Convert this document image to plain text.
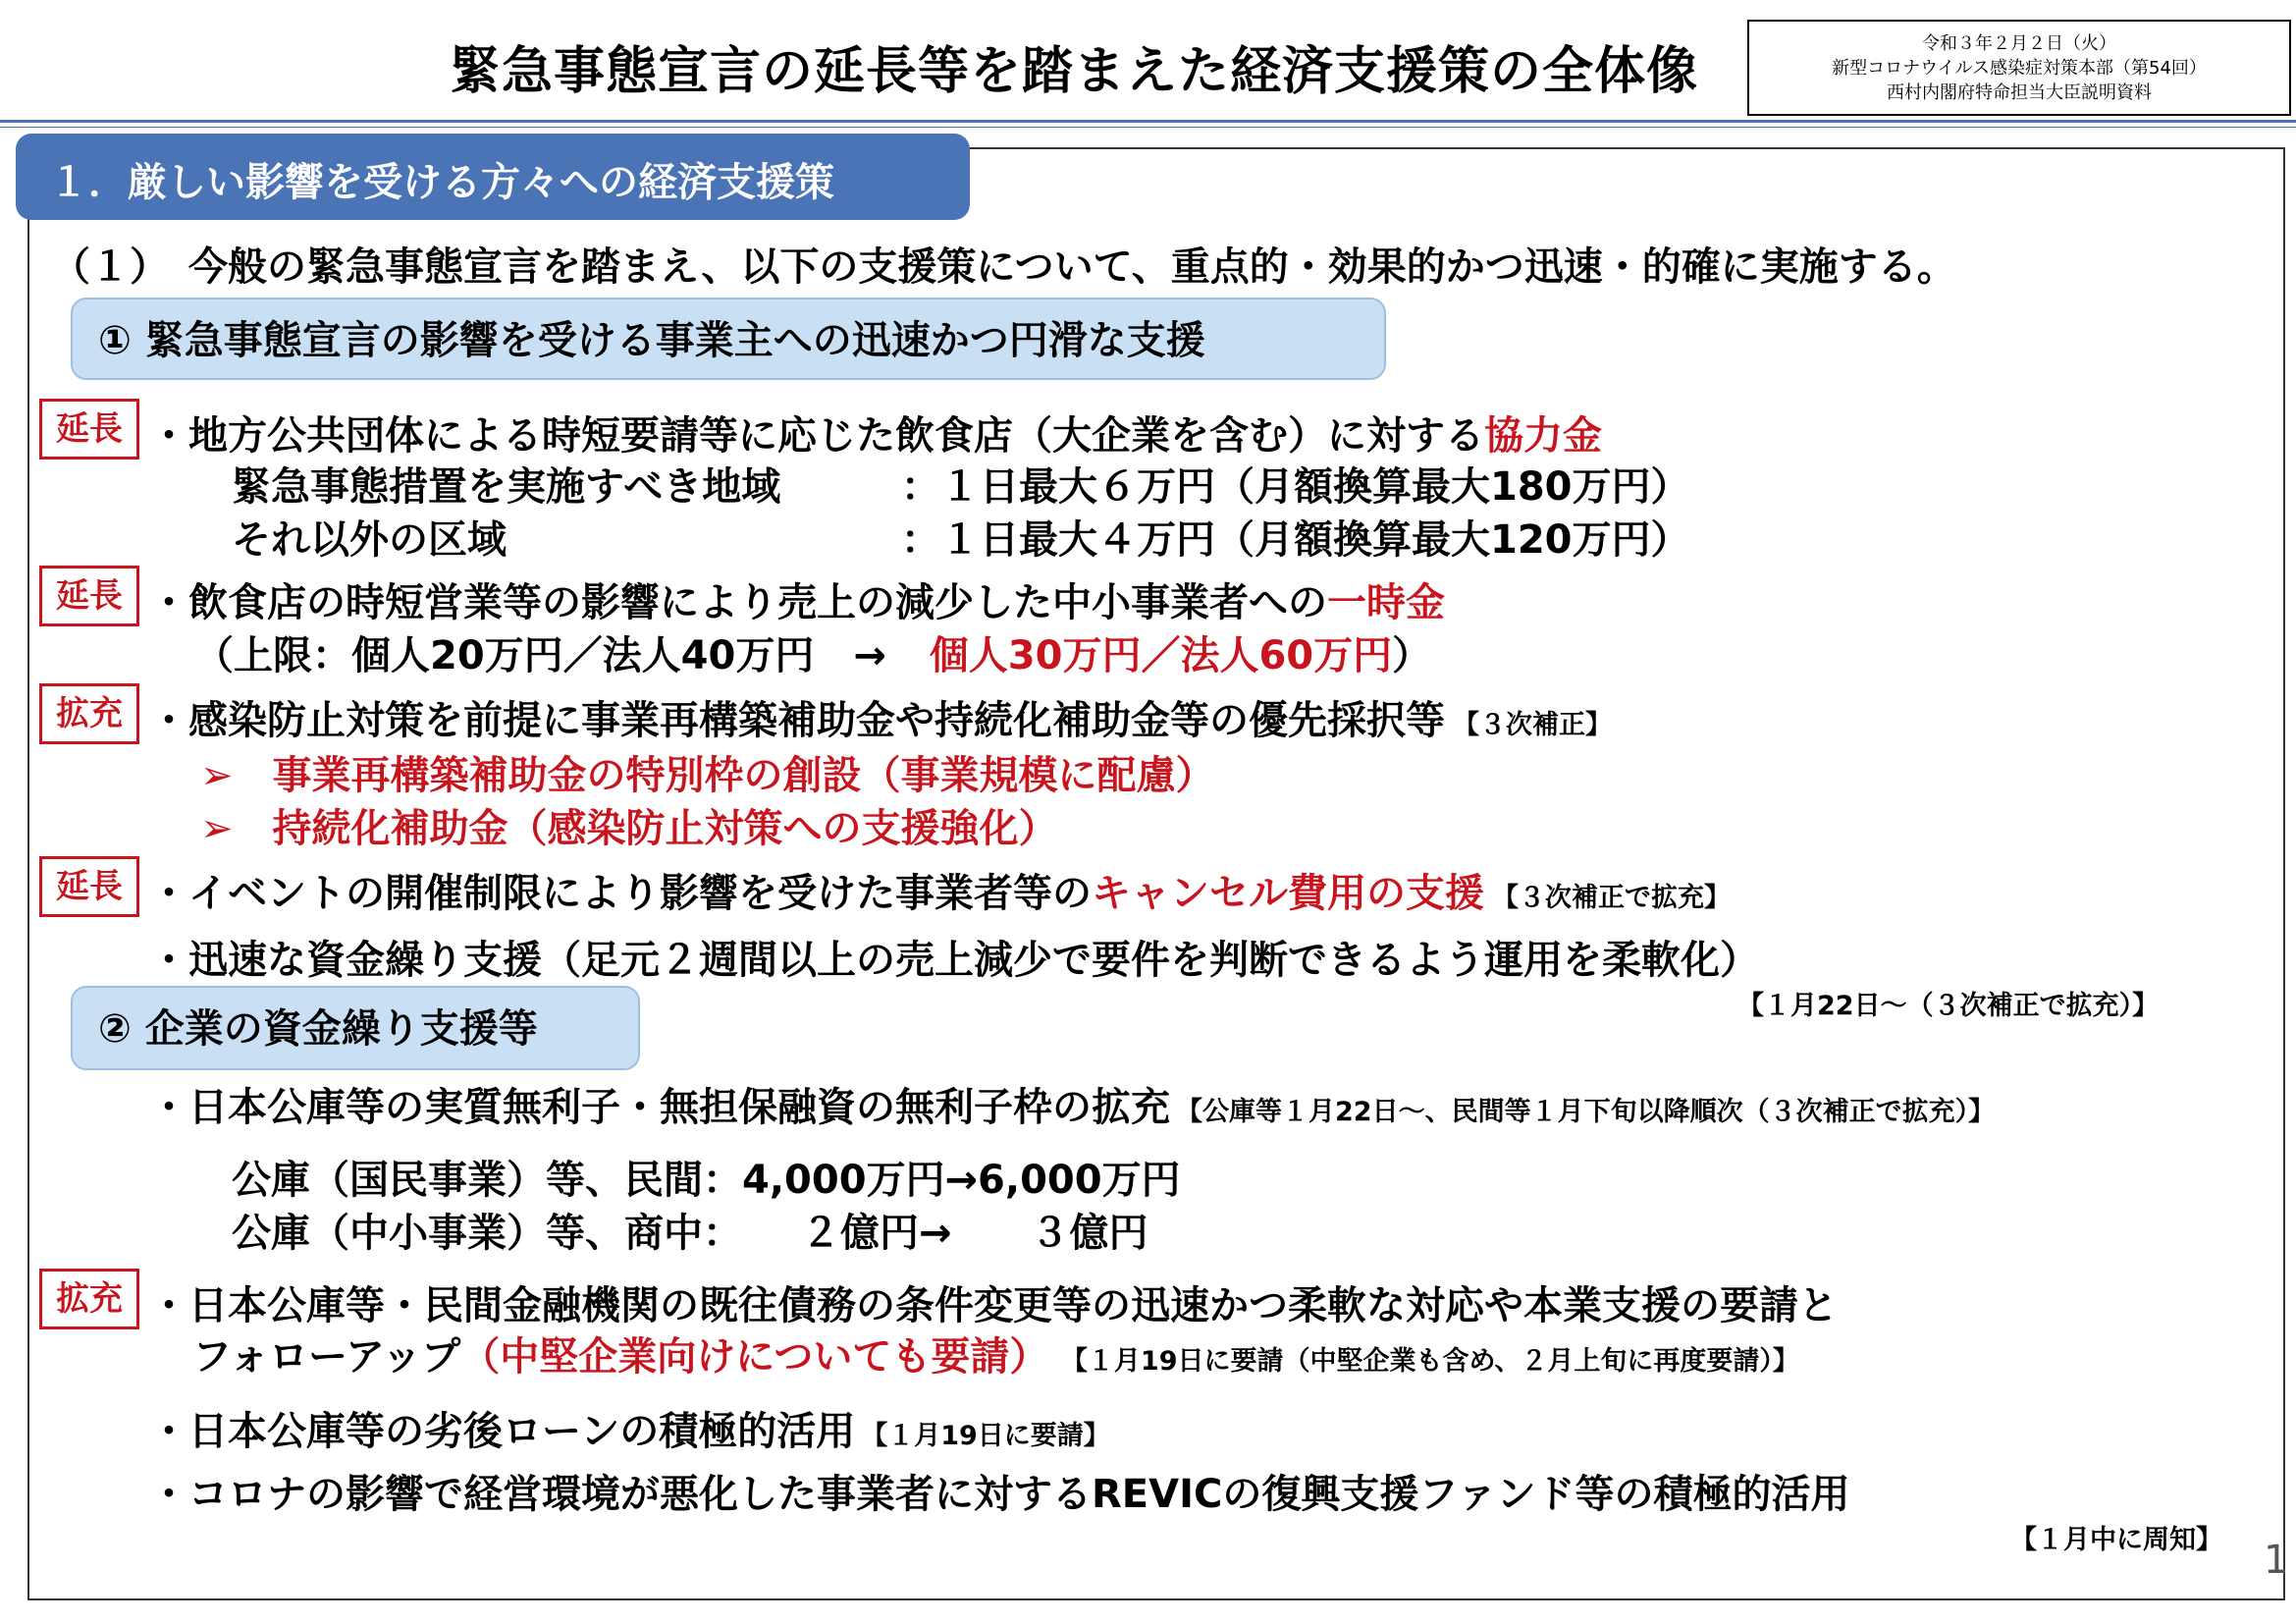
緊急事態宣言の延長等を踏まえた経済支援策の全体像	令和３年２月２日（火）
新型コロナウイルス感染症対策本部（第54回）
西村内閣府特命担当大臣説明資料
１．厳しい影響を受ける方々への経済支援策
（１）　今般の緊急事態宣言を踏まえ、以下の支援策について、重点的・効果的かつ迅速・的確に実施する。
① 緊急事態宣言の影響を受ける事業主への迅速かつ円滑な支援
延長 ・地方公共団体による時短要請等に応じた飲食店（大企業を含む）に対する協力金
緊急事態措置を実施すべき地域	：１日最大６万円（月額換算最大180万円）
それ以外の区域	：１日最大４万円（月額換算最大120万円）
延長 ・飲食店の時短営業等の影響により売上の減少した中小事業者への一時金
（上限：個人20万円／法人40万円　→ 個人30万円／法人60万円）
拡充 ・感染防止対策を前提に事業再構築補助金や持続化補助金等の優先採択等 【３次補正】
➢　事業再構築補助金の特別枠の創設（事業規模に配慮）
➢　持続化補助金（感染防止対策への支援強化）
延長 ・イベントの開催制限により影響を受けた事業者等のキャンセル費用の支援 【３次補正で拡充】
・迅速な資金繰り支援（足元２週間以上の売上減少で要件を判断できるよう運用を柔軟化）
【１月22日～（３次補正で拡充）】
② 企業の資金繰り支援等
・日本公庫等の実質無利子・無担保融資の無利子枠の拡充 【公庫等１月22日～、民間等１月下旬以降順次（３次補正で拡充）】
公庫（国民事業）等、民間：4,000万円→6,000万円
公庫（中小事業）等、商中：　　２億円→　　３億円
拡充 ・日本公庫等・民間金融機関の既往債務の条件変更等の迅速かつ柔軟な対応や本業支援の要請と
フォローアップ（中堅企業向けについても要請） 【１月19日に要請（中堅企業も含め、２月上旬に再度要請）】
・日本公庫等の劣後ローンの積極的活用 【１月19日に要請】
・コロナの影響で経営環境が悪化した事業者に対するREVICの復興支援ファンド等の積極的活用
【１月中に周知】 1
